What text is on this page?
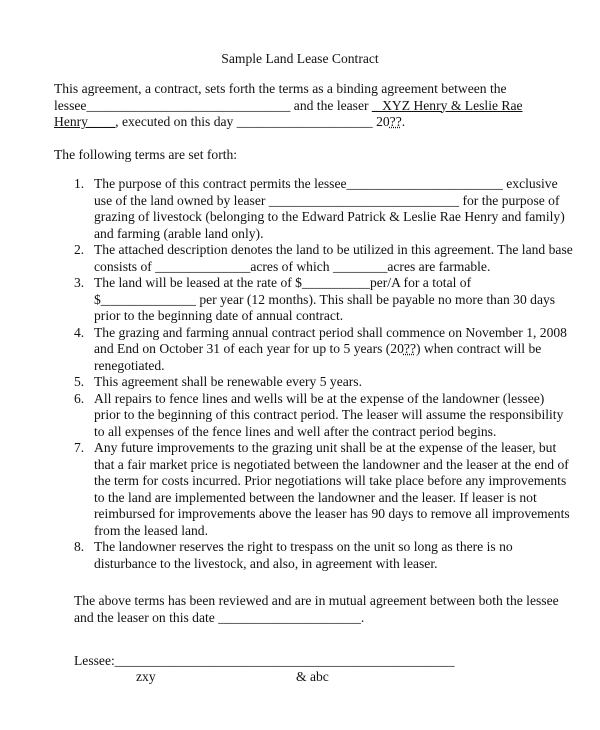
Sample Land Lease Contract
This agreement, a contract, sets forth the terms as a binding agreement between the
lessee______________________________ and the leaser _ XYZ Henry & Leslie Rae Henry____, executed on this day ____________________ 20??.
The following terms are set forth:
1. The purpose of this contract permits the lessee_______________________ exclusive use of the land owned by leaser ____________________________ for the purpose of grazing of livestock (belonging to the Edward Patrick & Leslie Rae Henry and family) and farming (arable land only).
2. The attached description denotes the land to be utilized in this agreement. The land base consists of ______________acres of which ________acres are farmable.
3. The land will be leased at the rate of $__________per/A for a total of $______________ per year (12 months). This shall be payable no more than 30 days prior to the beginning date of annual contract.
4. The grazing and farming annual contract period shall commence on November 1, 2008 and End on October 31 of each year for up to 5 years (20??) when contract will be renegotiated.
5. This agreement shall be renewable every 5 years.
6. All repairs to fence lines and wells will be at the expense of the landowner (lessee) prior to the beginning of this contract period. The leaser will assume the responsibility to all expenses of the fence lines and well after the contract period begins.
7. Any future improvements to the grazing unit shall be at the expense of the leaser, but that a fair market price is negotiated between the landowner and the leaser at the end of the term for costs incurred. Prior negotiations will take place before any improvements to the land are implemented between the landowner and the leaser. If leaser is not reimbursed for improvements above the leaser has 90 days to remove all improvements from the leased land.
8. The landowner reserves the right to trespass on the unit so long as there is no disturbance to the livestock, and also, in agreement with leaser.
The above terms has been reviewed and are in mutual agreement between both the lessee and the leaser on this date _____________________.
Lessee:__________________________________________________
zxy	& abc
